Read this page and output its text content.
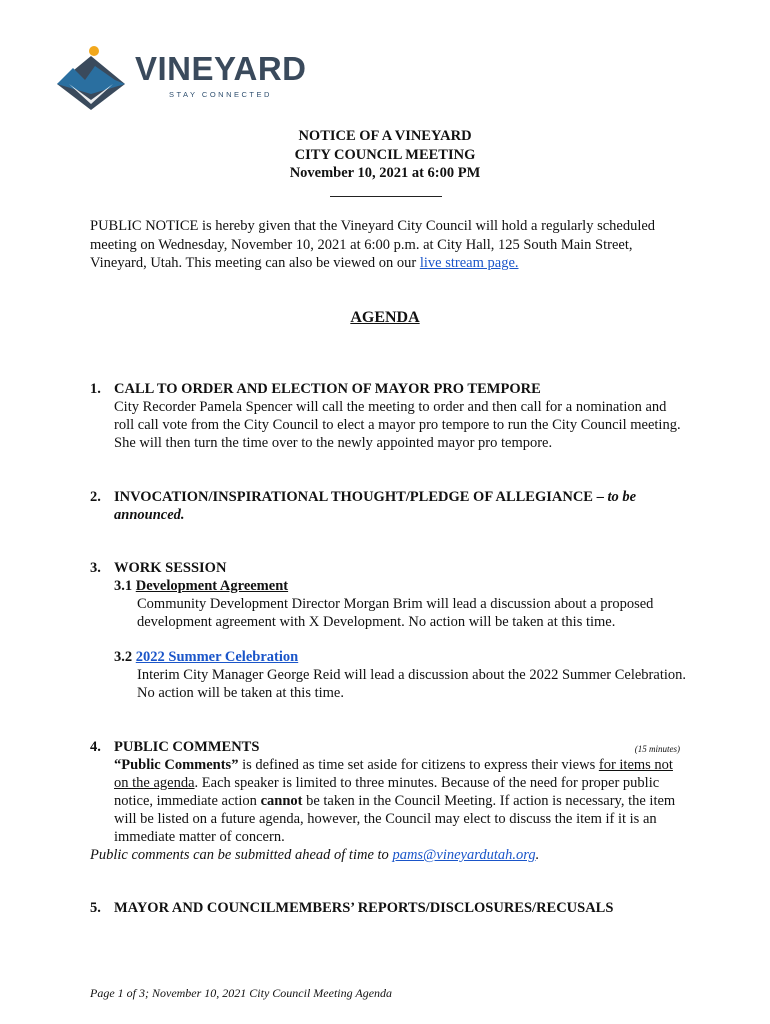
VINEYARD
STAY CONNECTED
NOTICE OF A VINEYARD
CITY COUNCIL MEETING
November 10, 2021 at 6:00 PM
PUBLIC NOTICE is hereby given that the Vineyard City Council will hold a regularly scheduled meeting on Wednesday, November 10, 2021 at 6:00 p.m. at City Hall, 125 South Main Street, Vineyard, Utah. This meeting can also be viewed on our live stream page.
AGENDA
1. CALL TO ORDER AND ELECTION OF MAYOR PRO TEMPORE
City Recorder Pamela Spencer will call the meeting to order and then call for a nomination and roll call vote from the City Council to elect a mayor pro tempore to run the City Council meeting. She will then turn the time over to the newly appointed mayor pro tempore.
2. INVOCATION/INSPIRATIONAL THOUGHT/PLEDGE OF ALLEGIANCE – to be announced.
3. WORK SESSION
3.1 Development Agreement
Community Development Director Morgan Brim will lead a discussion about a proposed development agreement with X Development. No action will be taken at this time.
3.2 2022 Summer Celebration
Interim City Manager George Reid will lead a discussion about the 2022 Summer Celebration. No action will be taken at this time.
4. PUBLIC COMMENTS	(15 minutes)
“Public Comments” is defined as time set aside for citizens to express their views for items not on the agenda. Each speaker is limited to three minutes. Because of the need for proper public notice, immediate action cannot be taken in the Council Meeting. If action is necessary, the item will be listed on a future agenda, however, the Council may elect to discuss the item if it is an immediate matter of concern.
Public comments can be submitted ahead of time to pams@vineyardutah.org.
5. MAYOR AND COUNCILMEMBERS’ REPORTS/DISCLOSURES/RECUSALS
Page 1 of 3; November 10, 2021 City Council Meeting Agenda
